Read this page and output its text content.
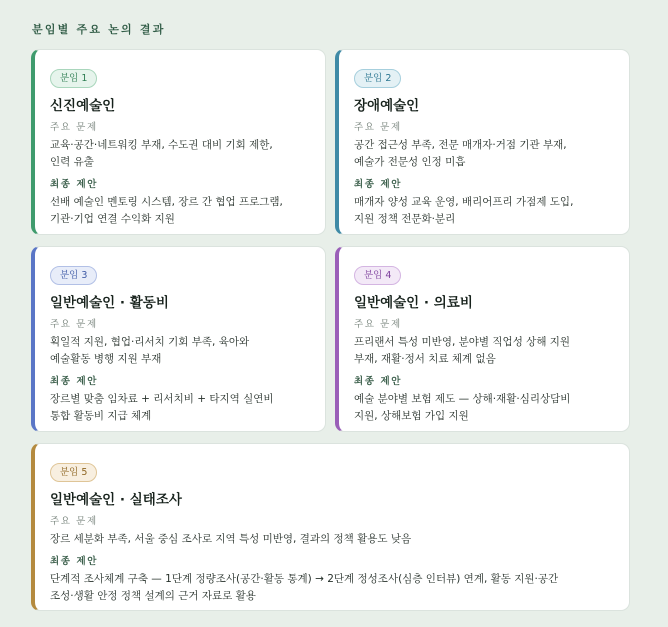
분임별 주요 논의 결과
분임 1
신진예술인
주요 문제
교육·공간·네트워킹 부재, 수도권 대비 기회 제한,
인력 유출
최종 제안
선배 예술인 멘토링 시스템, 장르 간 협업 프로그램,
기관·기업 연결 수익화 지원
분임 2
장애예술인
주요 문제
공간 접근성 부족, 전문 매개자·거점 기관 부재,
예술가 전문성 인정 미흡
최종 제안
매개자 양성 교육 운영, 배리어프리 가점제 도입,
지원 정책 전문화·분리
분임 3
일반예술인 · 활동비
주요 문제
획일적 지원, 협업·리서치 기회 부족, 육아와
예술활동 병행 지원 부재
최종 제안
장르별 맞춤 임차료 + 리서치비 + 타지역 실연비
통합 활동비 지급 체계
분임 4
일반예술인 · 의료비
주요 문제
프리랜서 특성 미반영, 분야별 직업성 상해 지원
부재, 재활·정서 치료 체계 없음
최종 제안
예술 분야별 보험 제도 — 상해·재활·심리상담비
지원, 상해보험 가입 지원
분임 5
일반예술인 · 실태조사
주요 문제
장르 세분화 부족, 서울 중심 조사로 지역 특성 미반영, 결과의 정책 활용도 낮음
최종 제안
단계적 조사체계 구축 — 1단계 정량조사(공간·활동 통계) → 2단계 정성조사(심층 인터뷰) 연계, 활동 지원·공간
조성·생활 안정 정책 설계의 근거 자료로 활용
